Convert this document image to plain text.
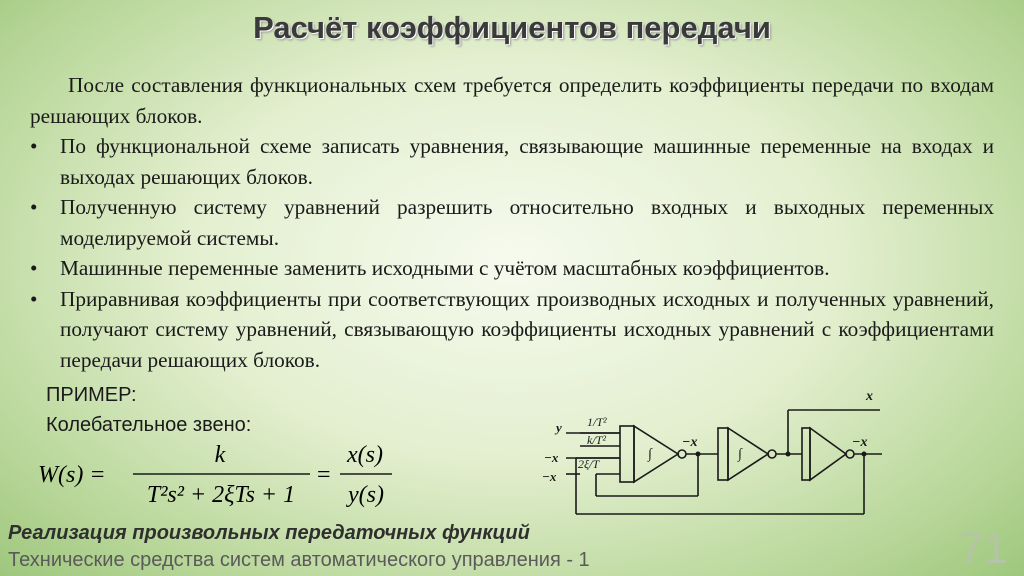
Расчёт коэффициентов передачи
После составления функциональных схем требуется определить коэффициенты передачи по входам решающих блоков.
•	По функциональной схеме записать уравнения, связывающие машинные переменные на входах и выходах решающих блоков.
•	Полученную систему уравнений разрешить относительно входных и выходных переменных моделируемой системы.
•	Машинные переменные заменить исходными с учётом масштабных коэффициентов.
•	Приравнивая коэффициенты при соответствующих производных исходных и полученных уравнений, получают систему уравнений, связывающую коэффициенты исходных уравнений с коэффициентами передачи решающих блоков.
ПРИМЕР:
Колебательное звено:
W(s) =
k
T²s² + 2ξTs + 1
=
x(s)
y(s)
y
−x
−x
1/T²
k/T²
2ξ/T
∫	∫
−x	−x
x
Реализация произвольных передаточных функций
Технические средства систем автоматического управления - 1	71
